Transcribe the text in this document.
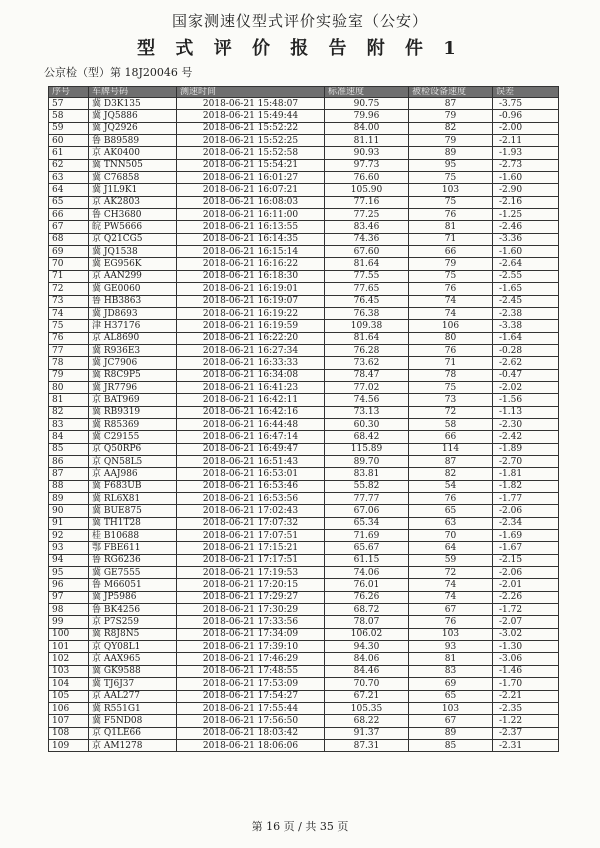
国家测速仪型式评价实验室（公安）
型 式 评 价 报 告 附 件 1
公京检（型）第 18J20046 号
序号	车牌号码	测速时间	标准速度	被检设备速度	误差
57	冀 D3K135	2018-06-21 15:48:07	90.75	87	-3.75
58	冀 JQ5886	2018-06-21 15:49:44	79.96	79	-0.96
59	冀 JQ2926	2018-06-21 15:52:22	84.00	82	-2.00
60	鲁 B89589	2018-06-21 15:52:25	81.11	79	-2.11
61	京 AK0400	2018-06-21 15:52:58	90.93	89	-1.93
62	冀 TNN505	2018-06-21 15:54:21	97.73	95	-2.73
63	冀 C76858	2018-06-21 16:01:27	76.60	75	-1.60
64	冀 J1L9K1	2018-06-21 16:07:21	105.90	103	-2.90
65	京 AK2803	2018-06-21 16:08:03	77.16	75	-2.16
66	鲁 CH3680	2018-06-21 16:11:00	77.25	76	-1.25
67	皖 PW5666	2018-06-21 16:13:55	83.46	81	-2.46
68	京 Q21CG5	2018-06-21 16:14:35	74.36	71	-3.36
69	冀 JQ1538	2018-06-21 16:15:14	67.60	66	-1.60
70	冀 EG956K	2018-06-21 16:16:22	81.64	79	-2.64
71	京 AAN299	2018-06-21 16:18:30	77.55	75	-2.55
72	冀 GE0060	2018-06-21 16:19:01	77.65	76	-1.65
73	鲁 HB3863	2018-06-21 16:19:07	76.45	74	-2.45
74	冀 JD8693	2018-06-21 16:19:22	76.38	74	-2.38
75	津 H37176	2018-06-21 16:19:59	109.38	106	-3.38
76	京 AL8690	2018-06-21 16:22:20	81.64	80	-1.64
77	冀 R936E3	2018-06-21 16:27:34	76.28	76	-0.28
78	冀 JC7906	2018-06-21 16:33:33	73.62	71	-2.62
79	冀 R8C9P5	2018-06-21 16:34:08	78.47	78	-0.47
80	冀 JR7796	2018-06-21 16:41:23	77.02	75	-2.02
81	京 BAT969	2018-06-21 16:42:11	74.56	73	-1.56
82	冀 RB9319	2018-06-21 16:42:16	73.13	72	-1.13
83	冀 R85369	2018-06-21 16:44:48	60.30	58	-2.30
84	冀 C29155	2018-06-21 16:47:14	68.42	66	-2.42
85	京 Q50RP6	2018-06-21 16:49:47	115.89	114	-1.89
86	京 QN58L5	2018-06-21 16:51:43	89.70	87	-2.70
87	京 AAJ986	2018-06-21 16:53:01	83.81	82	-1.81
88	冀 F683UB	2018-06-21 16:53:46	55.82	54	-1.82
89	冀 RL6X81	2018-06-21 16:53:56	77.77	76	-1.77
90	冀 BUE875	2018-06-21 17:02:43	67.06	65	-2.06
91	冀 TH1T28	2018-06-21 17:07:32	65.34	63	-2.34
92	桂 B10688	2018-06-21 17:07:51	71.69	70	-1.69
93	鄂 FBE611	2018-06-21 17:15:21	65.67	64	-1.67
94	鲁 RG6236	2018-06-21 17:17:51	61.15	59	-2.15
95	冀 GE7555	2018-06-21 17:19:53	74.06	72	-2.06
96	鲁 M66051	2018-06-21 17:20:15	76.01	74	-2.01
97	冀 JP5986	2018-06-21 17:29:27	76.26	74	-2.26
98	鲁 BK4256	2018-06-21 17:30:29	68.72	67	-1.72
99	京 P7S259	2018-06-21 17:33:56	78.07	76	-2.07
100	冀 R8J8N5	2018-06-21 17:34:09	106.02	103	-3.02
101	京 QY08L1	2018-06-21 17:39:10	94.30	93	-1.30
102	京 AAX965	2018-06-21 17:46:29	84.06	81	-3.06
103	冀 GK9588	2018-06-21 17:48:55	84.46	83	-1.46
104	冀 TJ6J37	2018-06-21 17:53:09	70.70	69	-1.70
105	京 AAL277	2018-06-21 17:54:27	67.21	65	-2.21
106	冀 R551G1	2018-06-21 17:55:44	105.35	103	-2.35
107	冀 F5ND08	2018-06-21 17:56:50	68.22	67	-1.22
108	京 Q1LE66	2018-06-21 18:03:42	91.37	89	-2.37
109	京 AM1278	2018-06-21 18:06:06	87.31	85	-2.31
第 16 页 / 共 35 页
